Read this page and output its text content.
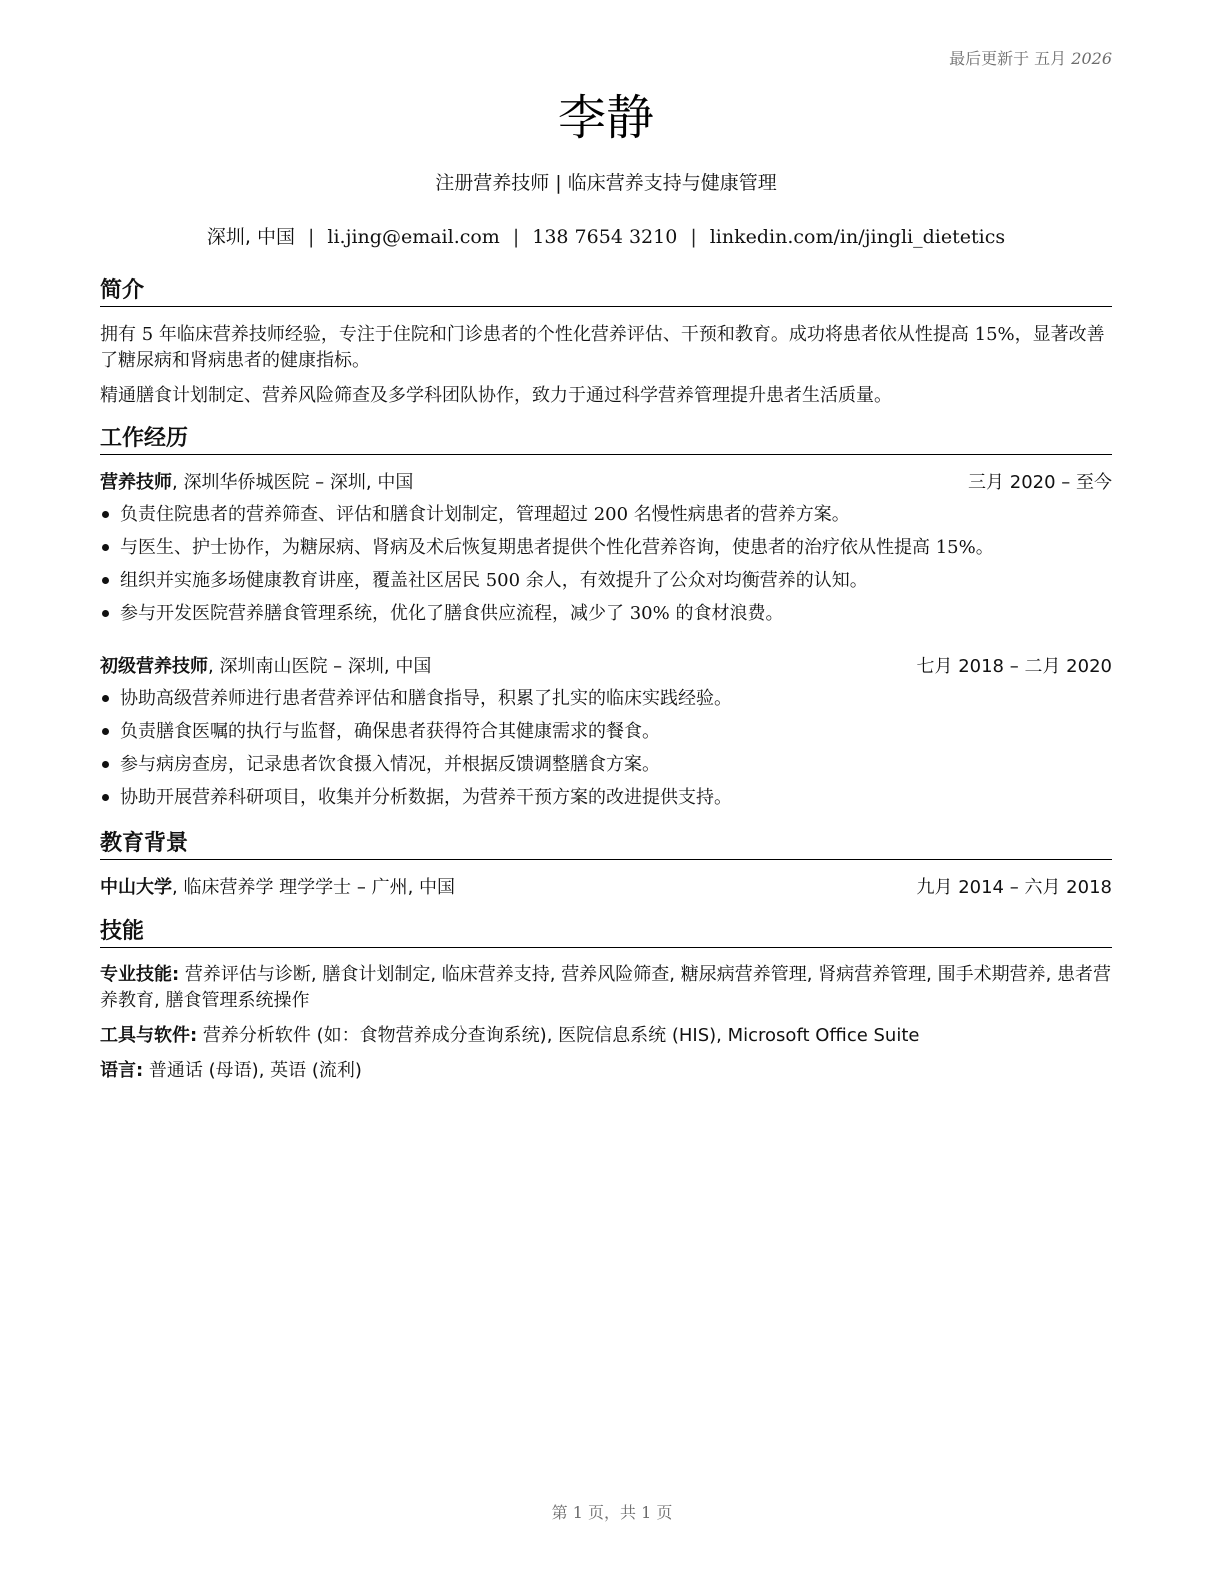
最后更新于 五月 2026
李静
注册营养技师 | 临床营养支持与健康管理
深圳, 中国 | li.jing@email.com | 138 7654 3210 | linkedin.com/in/jingli_dietetics
简介
拥有 5 年临床营养技师经验，专注于住院和门诊患者的个性化营养评估、干预和教育。成功将患者依从性提高 15%，显著改善了糖尿病和肾病患者的健康指标。
精通膳食计划制定、营养风险筛查及多学科团队协作，致力于通过科学营养管理提升患者生活质量。
工作经历
营养技师, 深圳华侨城医院 – 深圳, 中国	三月 2020 – 至今
负责住院患者的营养筛查、评估和膳食计划制定，管理超过 200 名慢性病患者的营养方案。
与医生、护士协作，为糖尿病、肾病及术后恢复期患者提供个性化营养咨询，使患者的治疗依从性提高 15%。
组织并实施多场健康教育讲座，覆盖社区居民 500 余人，有效提升了公众对均衡营养的认知。
参与开发医院营养膳食管理系统，优化了膳食供应流程，减少了 30% 的食材浪费。
初级营养技师, 深圳南山医院 – 深圳, 中国	七月 2018 – 二月 2020
协助高级营养师进行患者营养评估和膳食指导，积累了扎实的临床实践经验。
负责膳食医嘱的执行与监督，确保患者获得符合其健康需求的餐食。
参与病房查房，记录患者饮食摄入情况，并根据反馈调整膳食方案。
协助开展营养科研项目，收集并分析数据，为营养干预方案的改进提供支持。
教育背景
中山大学, 临床营养学 理学学士 – 广州, 中国	九月 2014 – 六月 2018
技能
专业技能: 营养评估与诊断, 膳食计划制定, 临床营养支持, 营养风险筛查, 糖尿病营养管理, 肾病营养管理, 围手术期营养, 患者营养教育, 膳食管理系统操作
工具与软件: 营养分析软件 (如：食物营养成分查询系统), 医院信息系统 (HIS), Microsoft Office Suite
语言: 普通话 (母语), 英语 (流利)
第 1 页，共 1 页
